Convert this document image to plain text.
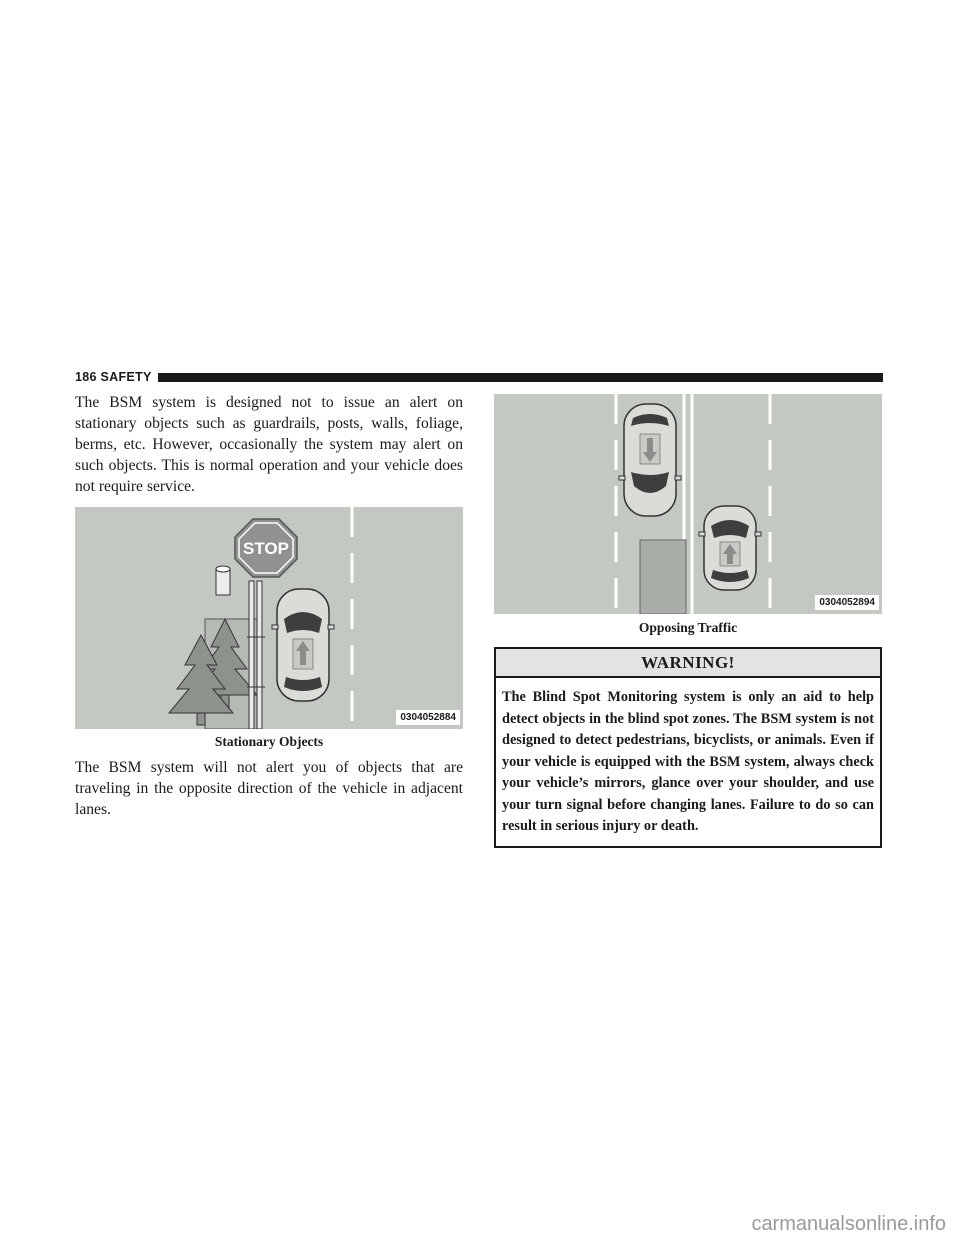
186 SAFETY

The BSM system is designed not to issue an alert on stationary objects such as guardrails, posts, walls, foliage, berms, etc. However, occasionally the system may alert on such objects. This is normal operation and your vehicle does not require service.

STOP
0304052884
Stationary Objects

The BSM system will not alert you of objects that are traveling in the opposite direction of the vehicle in adjacent lanes.

0304052894
Opposing Traffic
WARNING!
The Blind Spot Monitoring system is only an aid to help detect objects in the blind spot zones. The BSM system is not designed to detect pedestrians, bicyclists, or animals. Even if your vehicle is equipped with the BSM system, always check your vehicle’s mirrors, glance over your shoulder, and use your turn signal before changing lanes. Failure to do so can result in serious injury or death.
carmanualsonline.info
